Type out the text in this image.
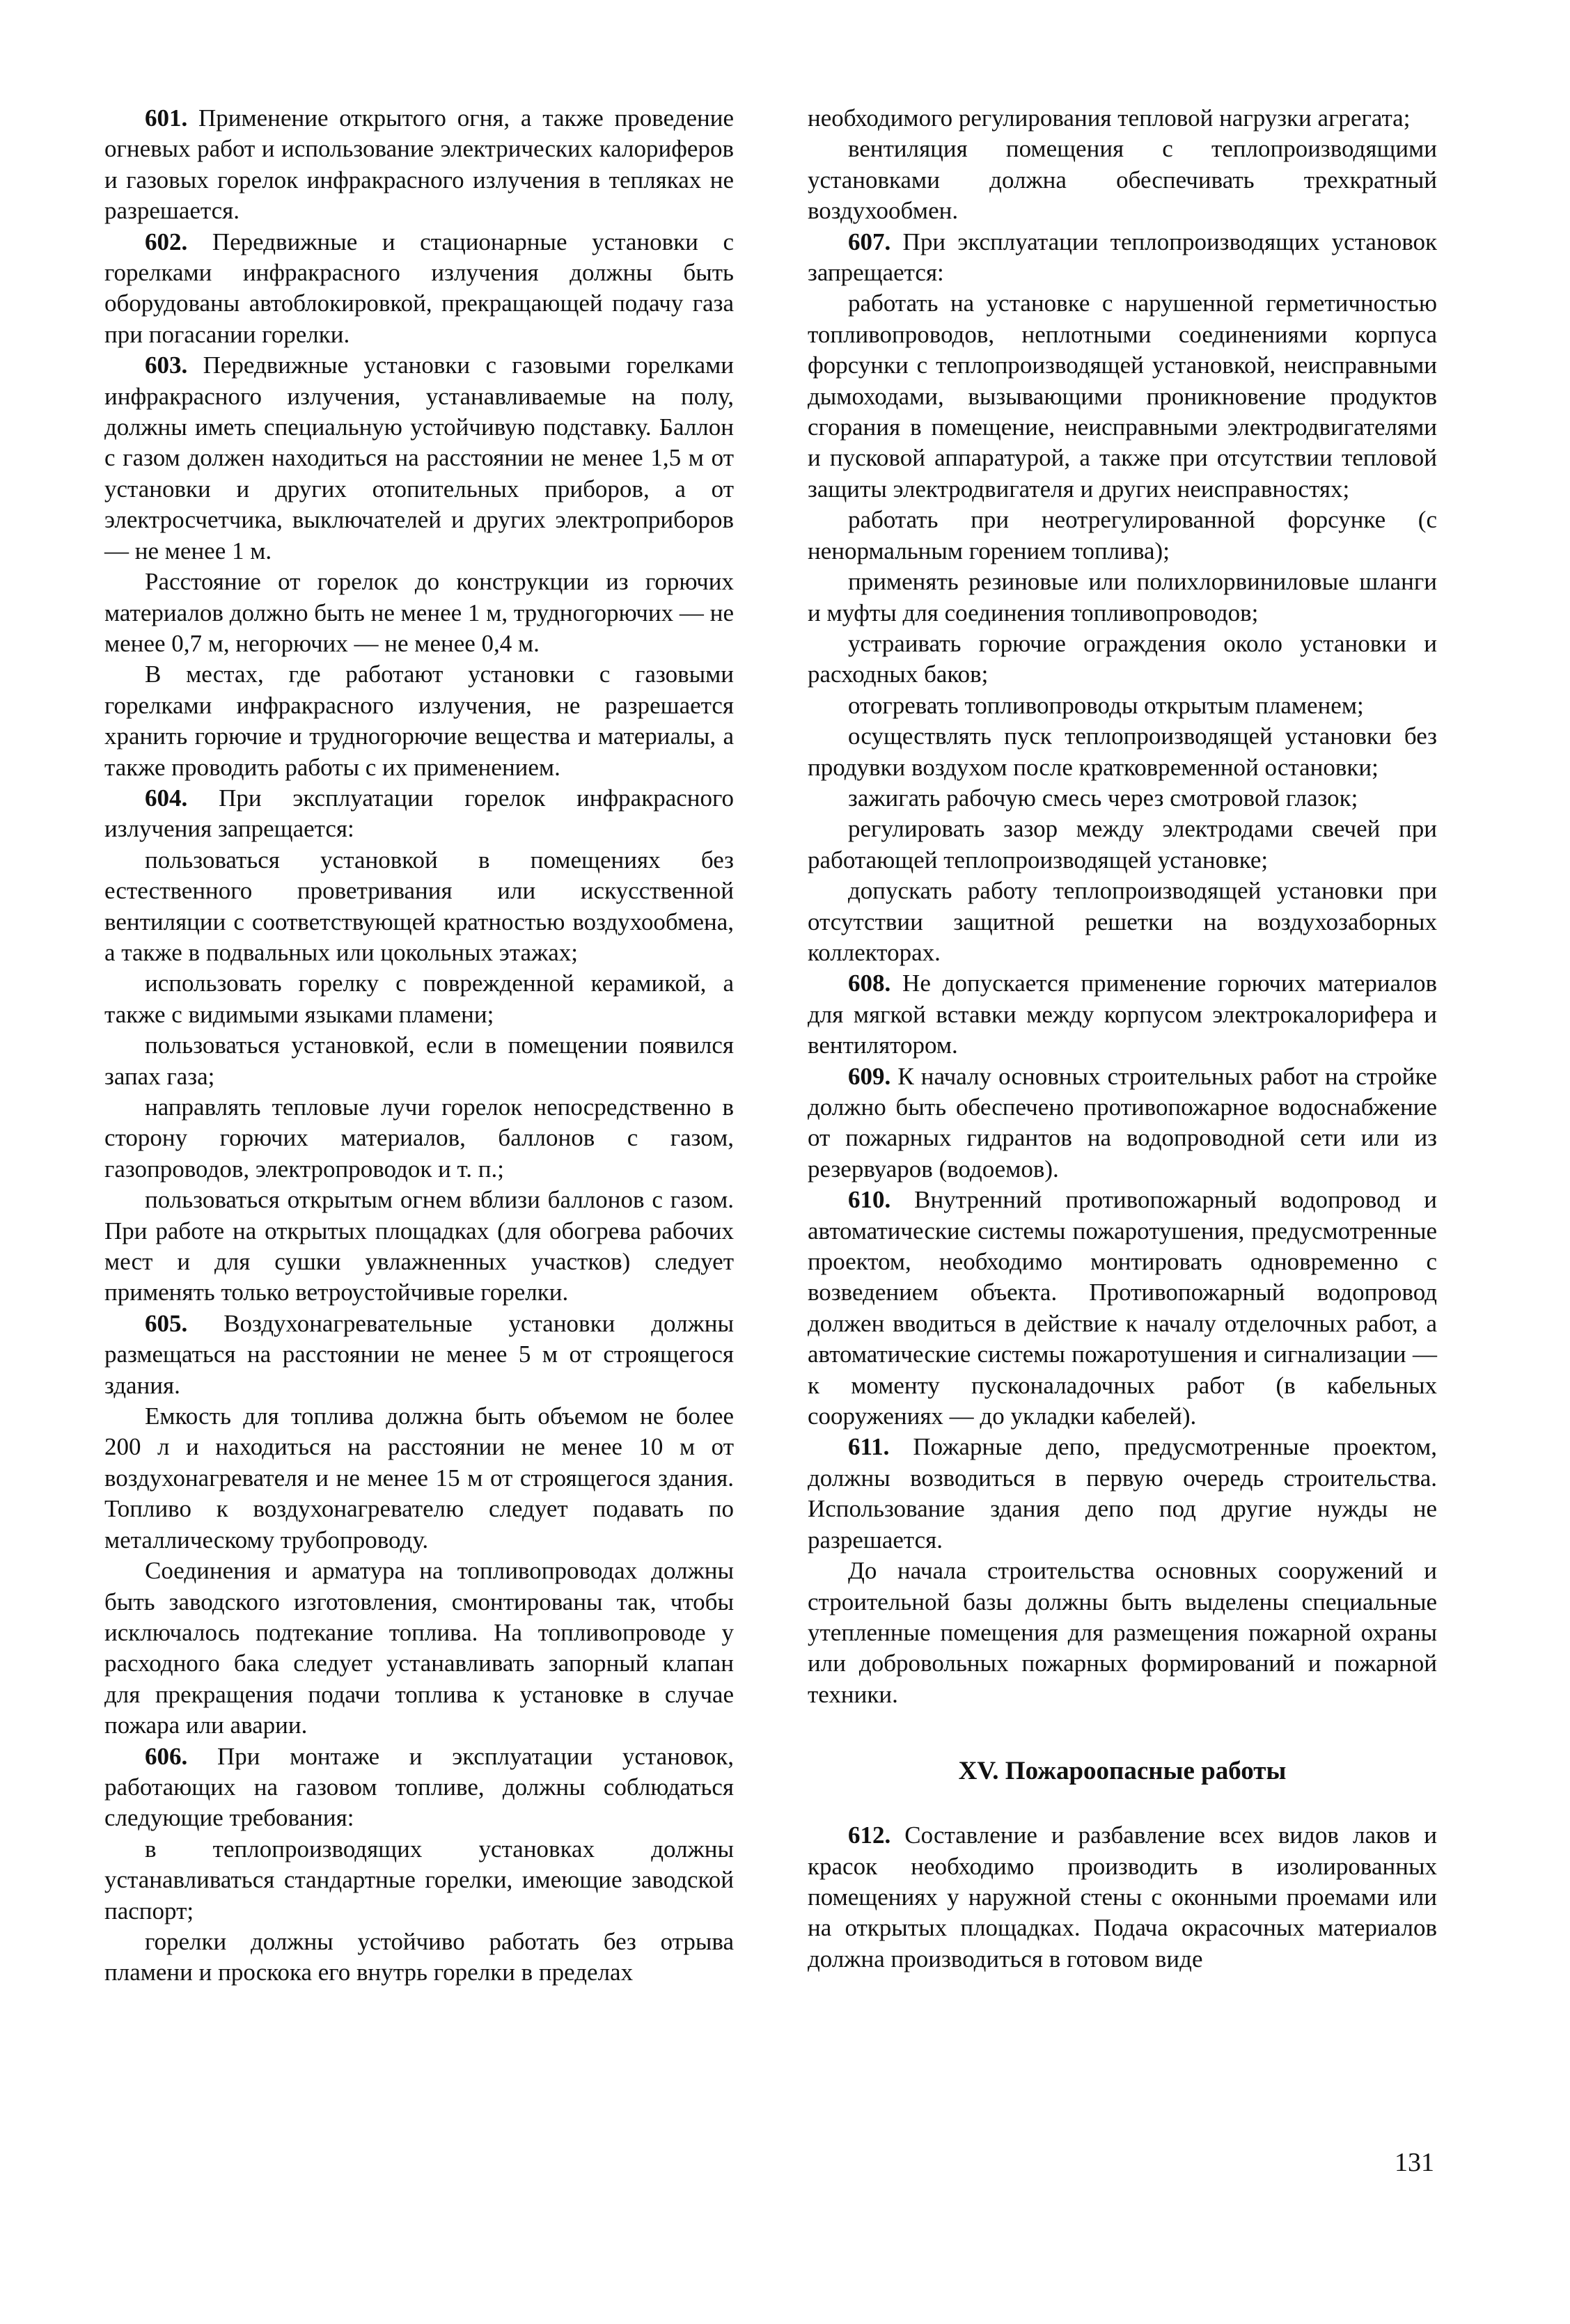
601. Применение открытого огня, а также проведение огневых работ и использование электрических калориферов и газовых горелок инфракрасного излучения в тепляках не разрешается.

602. Передвижные и стационарные установки с горелками инфракрасного излучения должны быть оборудованы автоблокировкой, прекращающей подачу газа при погасании горелки.

603. Передвижные установки с газовыми горелками инфракрасного излучения, устанавливаемые на полу, должны иметь специальную устойчивую подставку. Баллон с газом должен находиться на расстоянии не менее 1,5 м от установки и других отопительных приборов, а от электросчетчика, выключателей и других электроприборов — не менее 1 м.

Расстояние от горелок до конструкции из горючих материалов должно быть не менее 1 м, трудногорючих — не менее 0,7 м, негорючих — не менее 0,4 м.

В местах, где работают установки с газовыми горелками инфракрасного излучения, не разрешается хранить горючие и трудногорючие вещества и материалы, а также проводить работы с их применением.

604. При эксплуатации горелок инфракрасного излучения запрещается:

пользоваться установкой в помещениях без естественного проветривания или искусственной вентиляции с соответствующей кратностью воздухообмена, а также в подвальных или цокольных этажах;

использовать горелку с поврежденной керамикой, а также с видимыми языками пламени;

пользоваться установкой, если в помещении появился запах газа;

направлять тепловые лучи горелок непосредственно в сторону горючих материалов, баллонов с газом, газопроводов, электропроводок и т. п.;

пользоваться открытым огнем вблизи баллонов с газом. При работе на открытых площадках (для обогрева рабочих мест и для сушки увлажненных участков) следует применять только ветроустойчивые горелки.

605. Воздухонагревательные установки должны размещаться на расстоянии не менее 5 м от строящегося здания.

Емкость для топлива должна быть объемом не более 200 л и находиться на расстоянии не менее 10 м от воздухонагревателя и не менее 15 м от строящегося здания. Топливо к воздухонагревателю следует подавать по металлическому трубопроводу.

Соединения и арматура на топливопроводах должны быть заводского изготовления, смонтированы так, чтобы исключалось подтекание топлива. На топливопроводе у расходного бака следует устанавливать запорный клапан для прекращения подачи топлива к установке в случае пожара или аварии.

606. При монтаже и эксплуатации установок, работающих на газовом топливе, должны соблюдаться следующие требования:

в теплопроизводящих установках должны устанавливаться стандартные горелки, имеющие заводской паспорт;

горелки должны устойчиво работать без отрыва пламени и проскока его внутрь горелки в пределах

необходимого регулирования тепловой нагрузки агрегата;

вентиляция помещения с теплопроизводящими установками должна обеспечивать трехкратный воздухообмен.

607. При эксплуатации теплопроизводящих установок запрещается:

работать на установке с нарушенной герметичностью топливопроводов, неплотными соединениями корпуса форсунки с теплопроизводящей установкой, неисправными дымоходами, вызывающими проникновение продуктов сгорания в помещение, неисправными электродвигателями и пусковой аппаратурой, а также при отсутствии тепловой защиты электродвигателя и других неисправностях;

работать при неотрегулированной форсунке (с ненормальным горением топлива);

применять резиновые или полихлорвиниловые шланги и муфты для соединения топливопроводов;

устраивать горючие ограждения около установки и расходных баков;

отогревать топливопроводы открытым пламенем;

осуществлять пуск теплопроизводящей установки без продувки воздухом после кратковременной остановки;

зажигать рабочую смесь через смотровой глазок;

регулировать зазор между электродами свечей при работающей теплопроизводящей установке;

допускать работу теплопроизводящей установки при отсутствии защитной решетки на воздухозаборных коллекторах.

608. Не допускается применение горючих материалов для мягкой вставки между корпусом электрокалорифера и вентилятором.

609. К началу основных строительных работ на стройке должно быть обеспечено противопожарное водоснабжение от пожарных гидрантов на водопроводной сети или из резервуаров (водоемов).

610. Внутренний противопожарный водопровод и автоматические системы пожаротушения, предусмотренные проектом, необходимо монтировать одновременно с возведением объекта. Противопожарный водопровод должен вводиться в действие к началу отделочных работ, а автоматические системы пожаротушения и сигнализации — к моменту пусконаладочных работ (в кабельных сооружениях — до укладки кабелей).

611. Пожарные депо, предусмотренные проектом, должны возводиться в первую очередь строительства. Использование здания депо под другие нужды не разрешается.

До начала строительства основных сооружений и строительной базы должны быть выделены специальные утепленные помещения для размещения пожарной охраны или добровольных пожарных формирований и пожарной техники.

XV. Пожароопасные работы

612. Составление и разбавление всех видов лаков и красок необходимо производить в изолированных помещениях у наружной стены с оконными проемами или на открытых площадках. Подача окрасочных материалов должна производиться в готовом виде

131
